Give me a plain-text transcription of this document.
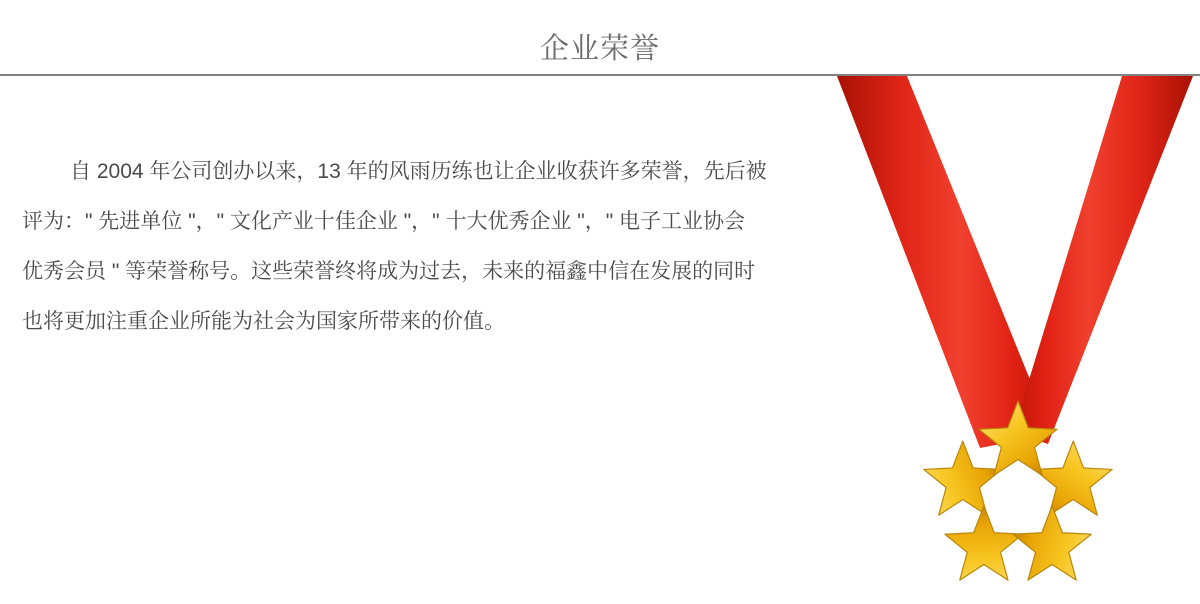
企业荣誉
自 2004 年公司创办以来，13 年的风雨历练也让企业收获许多荣誉，先后被
评为：" 先进单位 "，" 文化产业十佳企业 "，" 十大优秀企业 "，" 电子工业协会
优秀会员 " 等荣誉称号。这些荣誉终将成为过去，未来的福鑫中信在发展的同时
也将更加注重企业所能为社会为国家所带来的价值。
